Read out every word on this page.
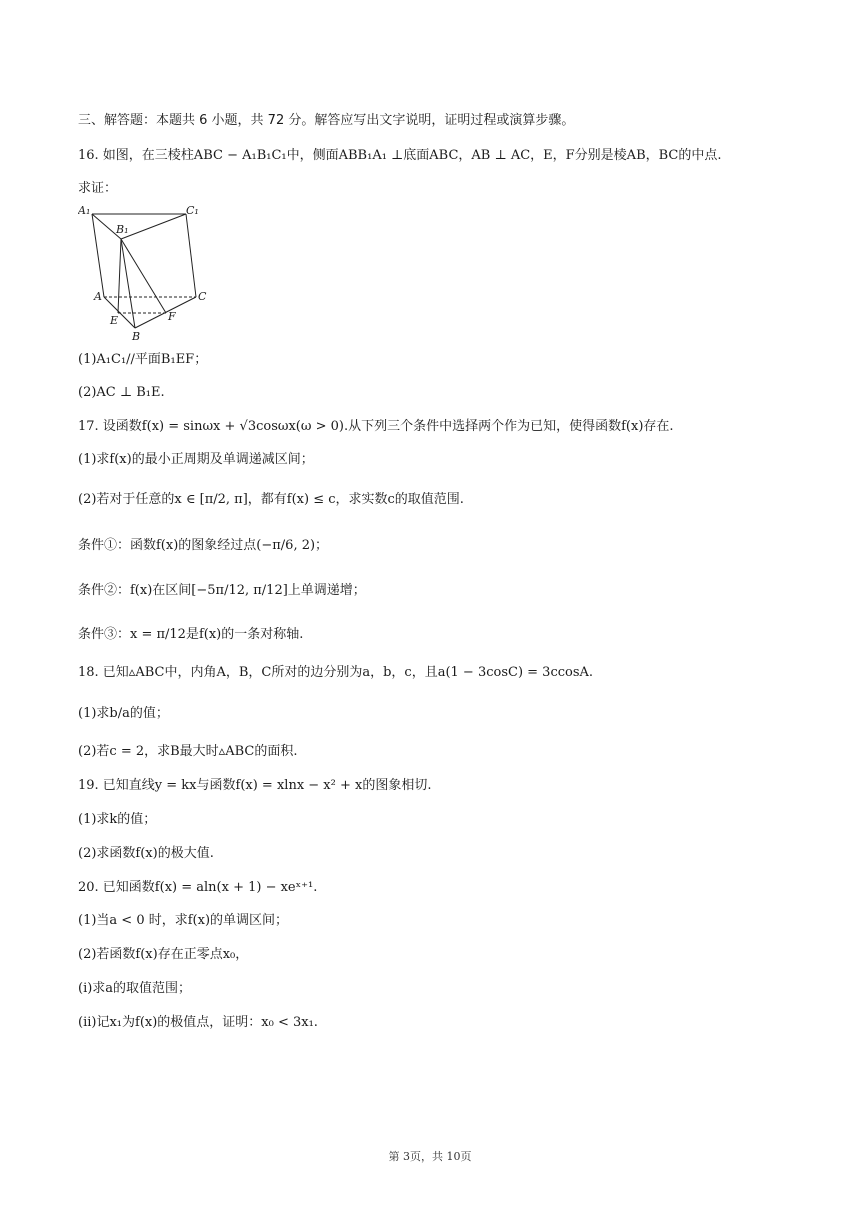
三、解答题：本题共 6 小题，共 72 分。解答应写出文字说明，证明过程或演算步骤。
16. 如图，在三棱柱ABC − A₁B₁C₁中，侧面ABB₁A₁ ⊥底面ABC，AB ⊥ AC，E，F分别是棱AB，BC的中点.
求证：
A₁	C₁
B₁
A	C
E	F
B
(1)A₁C₁//平面B₁EF；
(2)AC ⊥ B₁E.
17. 设函数f(x) = sinωx + √3cosωx(ω > 0).从下列三个条件中选择两个作为已知，使得函数f(x)存在.
(1)求f(x)的最小正周期及单调递减区间；
(2)若对于任意的x ∈ [π/2, π]，都有f(x) ≤ c，求实数c的取值范围.
条件①：函数f(x)的图象经过点(−π/6, 2)；
条件②：f(x)在区间[−5π/12, π/12]上单调递增；
条件③：x = π/12是f(x)的一条对称轴.
18. 已知▵ABC中，内角A，B，C所对的边分别为a，b，c，且a(1 − 3cosC) = 3ccosA.
(1)求b/a的值；
(2)若c = 2，求B最大时▵ABC的面积.
19. 已知直线y = kx与函数f(x) = xlnx − x² + x的图象相切.
(1)求k的值；
(2)求函数f(x)的极大值.
20. 已知函数f(x) = aln(x + 1) − xeˣ⁺¹.
(1)当a < 0 时，求f(x)的单调区间；
(2)若函数f(x)存在正零点x₀，
(i)求a的取值范围；
(ii)记x₁为f(x)的极值点，证明：x₀ < 3x₁.
第 3页，共 10页
